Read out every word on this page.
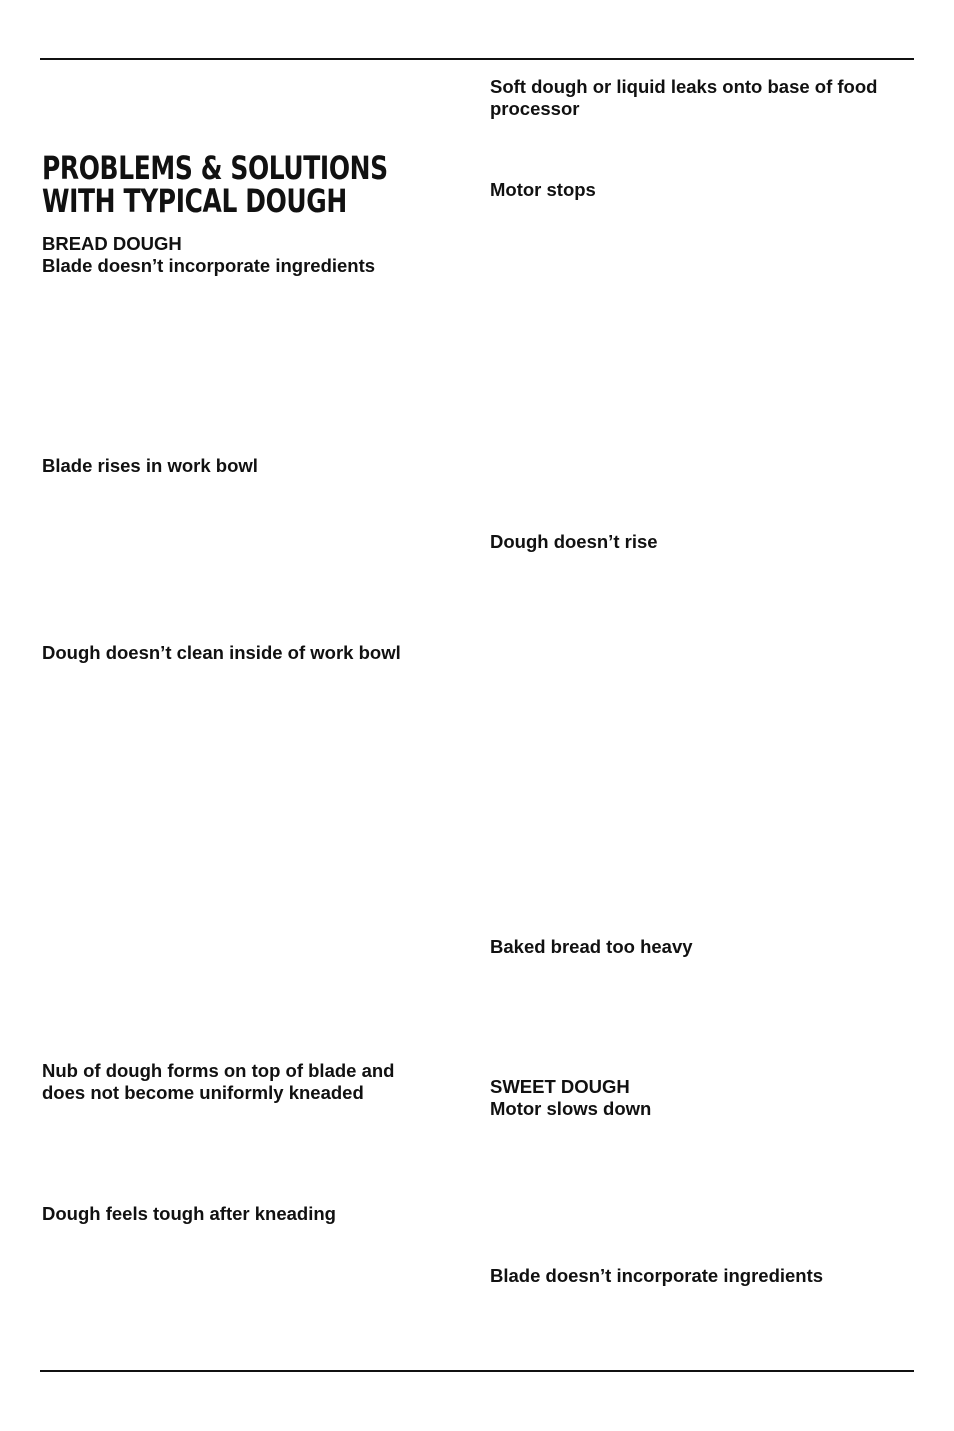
PROBLEMS & SOLUTIONS
WITH TYPICAL DOUGH
BREAD DOUGH
Blade doesn’t incorporate ingredients
Blade rises in work bowl
Dough doesn’t clean inside of work bowl
Nub of dough forms on top of blade and
does not become uniformly kneaded
Dough feels tough after kneading
Soft dough or liquid leaks onto base of food
processor
Motor stops
Dough doesn’t rise
Baked bread too heavy
SWEET DOUGH
Motor slows down
Blade doesn’t incorporate ingredients
